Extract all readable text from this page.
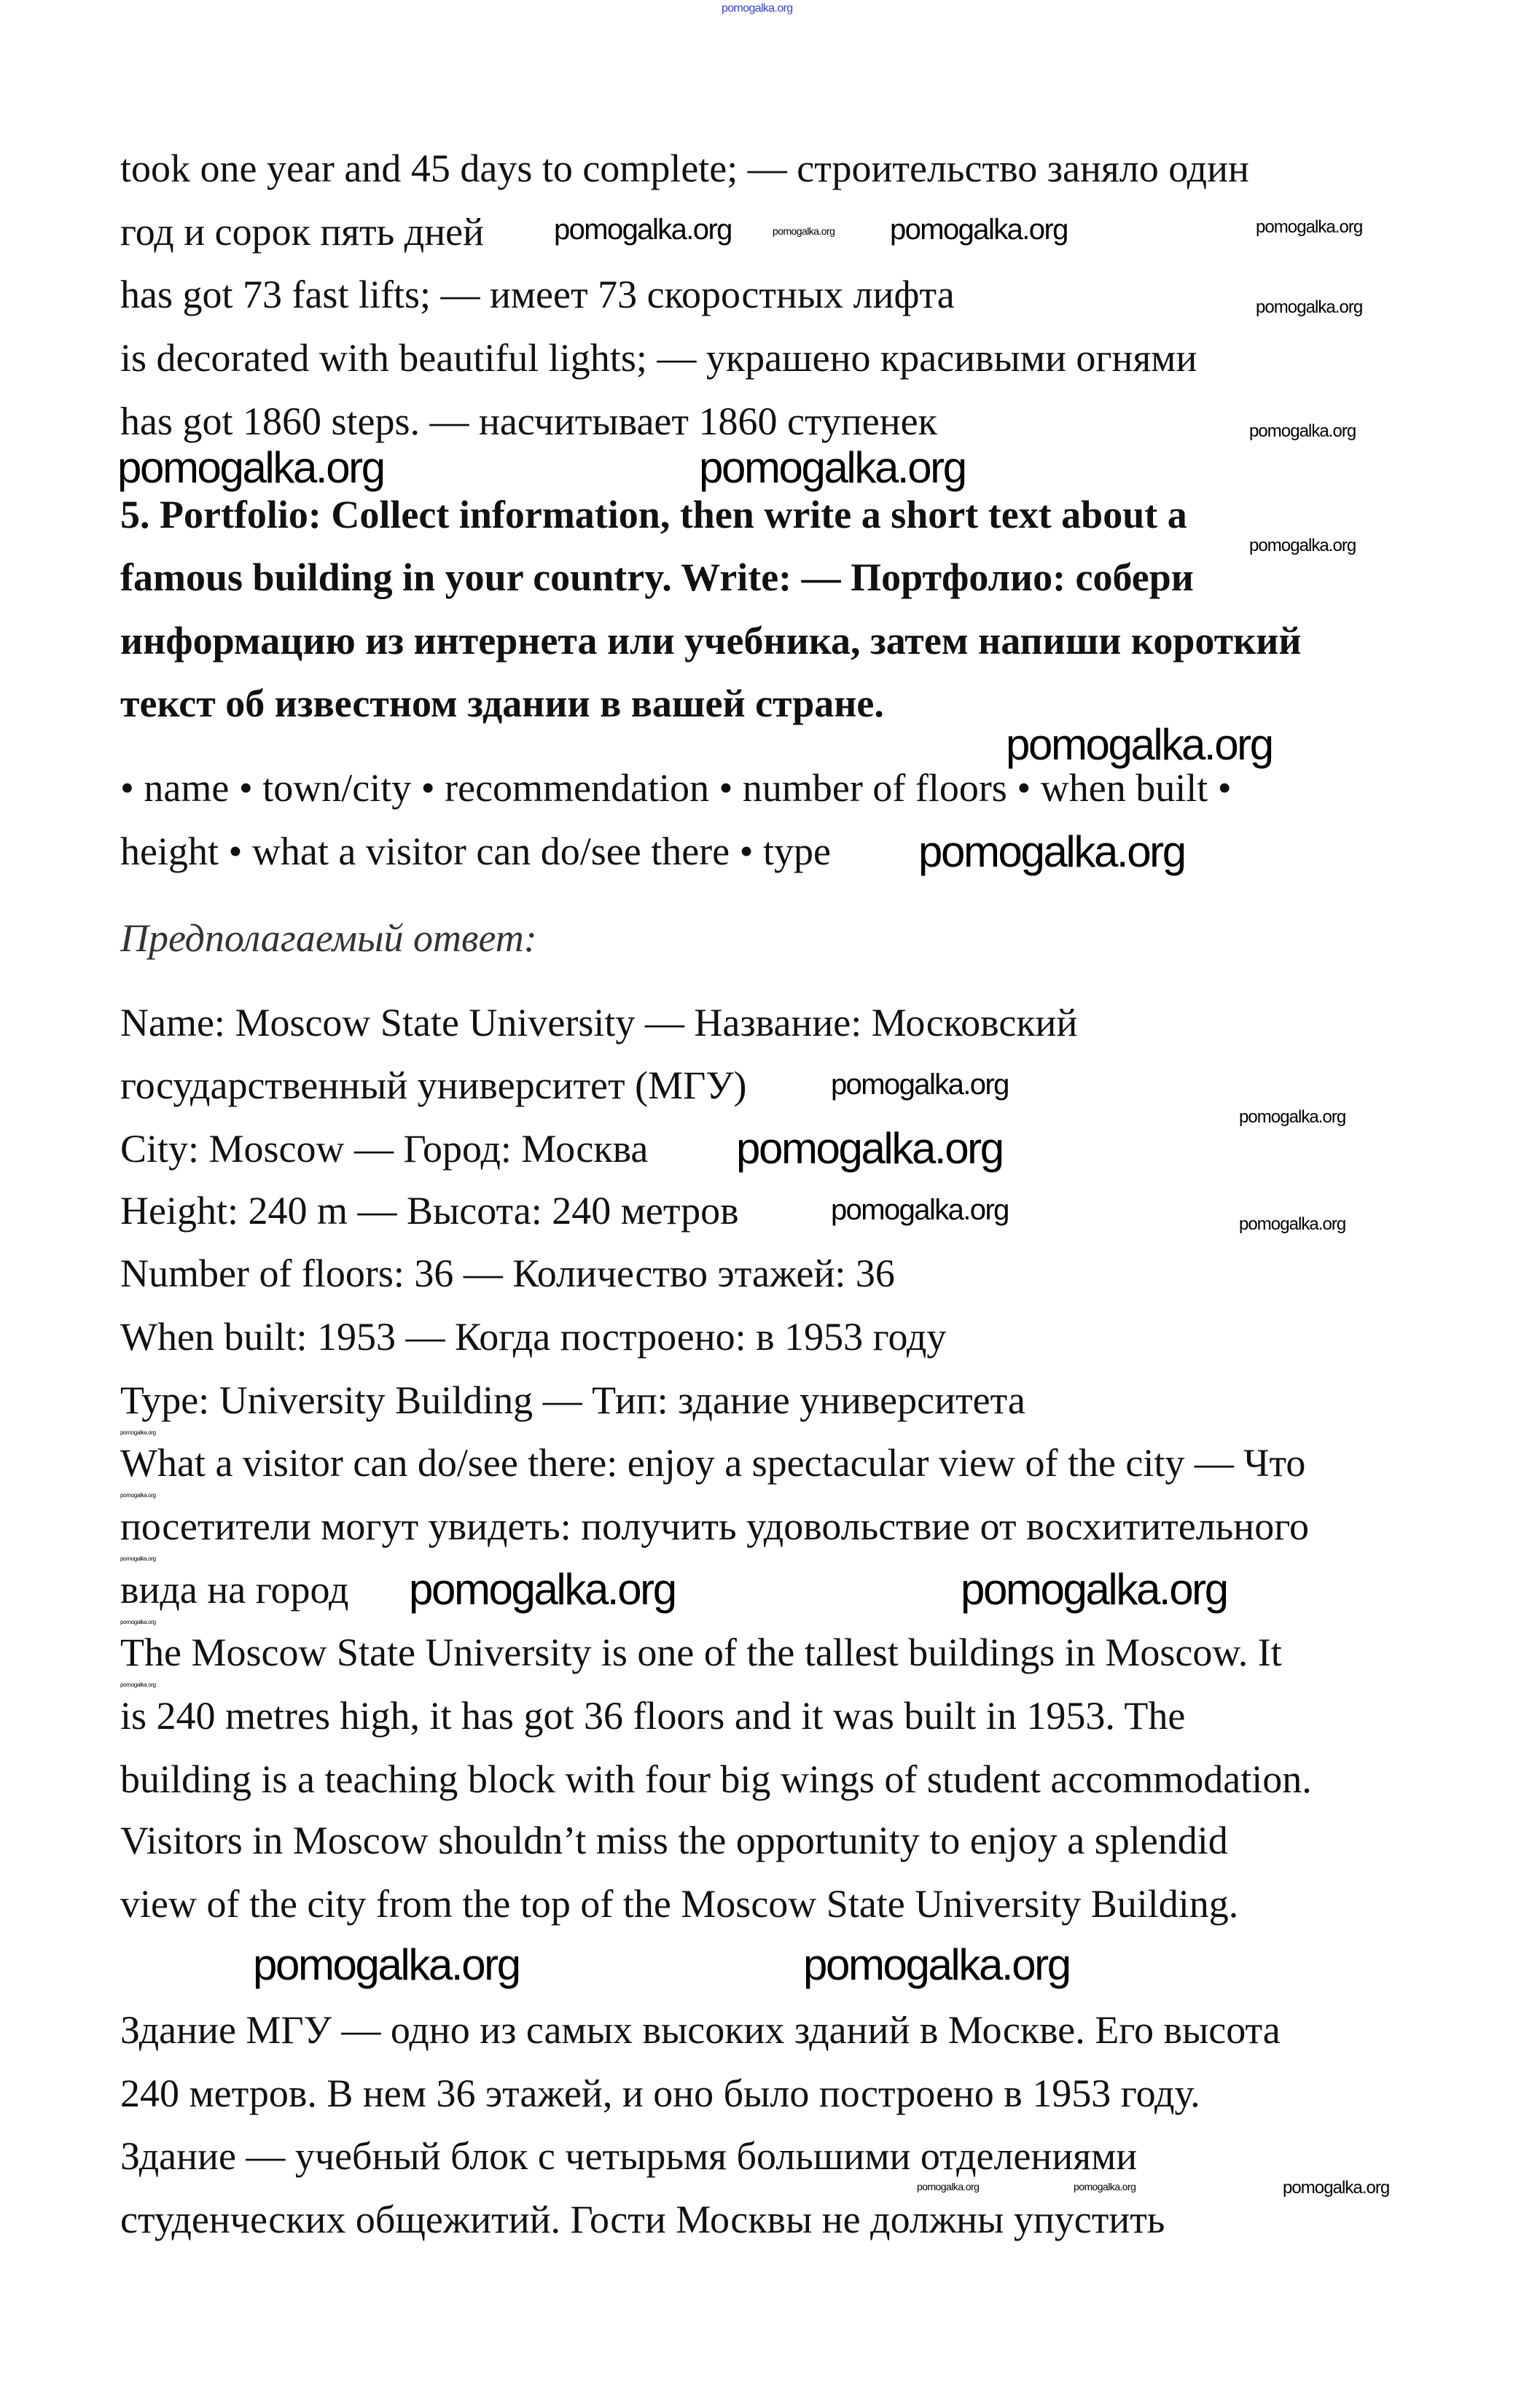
took one year and 45 days to complete; — строительство заняло один
год и сорок пять дней
has got 73 fast lifts; — имеет 73 скоростных лифта
is decorated with beautiful lights; — украшено красивыми огнями
has got 1860 steps. — насчитывает 1860 ступенек
5. Portfolio: Collect information, then write a short text about a
famous building in your country. Write: — Портфолио: собери
информацию из интернета или учебника, затем напиши короткий
текст об известном здании в вашей стране.
• name • town/city • recommendation • number of floors • when built •
height • what a visitor can do/see there • type
Предполагаемый ответ:
Name: Moscow State University — Название: Московский
государственный университет (МГУ)
City: Moscow — Город: Москва
Height: 240 m — Высота: 240 метров
Number of floors: 36 — Количество этажей: 36
When built: 1953 — Когда построено: в 1953 году
Type: University Building — Тип: здание университета
What a visitor can do/see there: enjoy a spectacular view of the city — Что
посетители могут увидеть: получить удовольствие от восхитительного
вида на город
The Moscow State University is one of the tallest buildings in Moscow. It
is 240 metres high, it has got 36 floors and it was built in 1953. The
building is a teaching block with four big wings of student accommodation.
Visitors in Moscow shouldn’t miss the opportunity to enjoy a splendid
view of the city from the top of the Moscow State University Building.
Здание МГУ — одно из самых высоких зданий в Москве. Его высота
240 метров. В нем 36 этажей, и оно было построено в 1953 году.
Здание — учебный блок с четырьмя большими отделениями
студенческих общежитий. Гости Москвы не должны упустить
pomogalka.org
pomogalka.org	pomogalka.org
pomogalka.org
pomogalka.org
pomogalka.org
pomogalka.org	pomogalka.org
pomogalka.org	pomogalka.org
pomogalka.org	pomogalka.org
pomogalka.org
pomogalka.org
pomogalka.org	pomogalka.org
pomogalka.org
pomogalka.org
pomogalka.org
pomogalka.org
pomogalka.org
pomogalka.org
pomogalka.org	pomogalka.org
pomogalka.org
pomogalka.org
pomogalka.org
pomogalka.org
pomogalka.org
